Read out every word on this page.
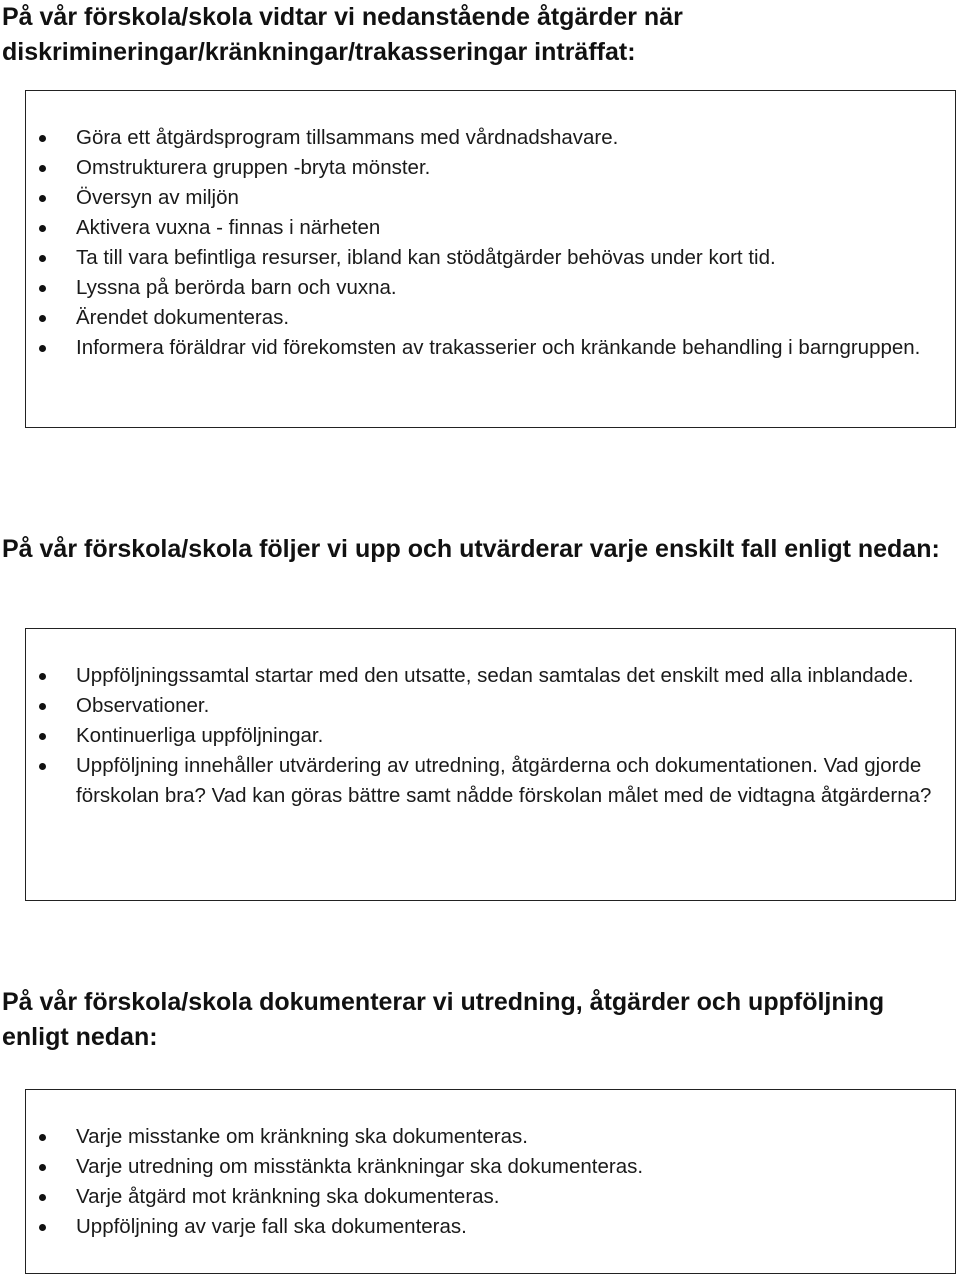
På vår förskola/skola vidtar vi nedanstående åtgärder när diskrimineringar/kränkningar/trakasseringar inträffat:
Göra ett åtgärdsprogram tillsammans med vårdnadshavare.
Omstrukturera gruppen -bryta mönster.
Översyn av miljön
Aktivera vuxna - finnas i närheten
Ta till vara befintliga resurser, ibland kan stödåtgärder behövas under kort tid.
Lyssna på berörda barn och vuxna.
Ärendet dokumenteras.
Informera föräldrar vid förekomsten av trakasserier och kränkande behandling i barngruppen.
På vår förskola/skola följer vi upp och utvärderar varje enskilt fall enligt nedan:
Uppföljningssamtal startar med den utsatte, sedan samtalas det enskilt med alla inblandade.
Observationer.
Kontinuerliga uppföljningar.
Uppföljning innehåller utvärdering av utredning, åtgärderna och dokumentationen. Vad gjorde förskolan bra? Vad kan göras bättre samt nådde förskolan målet med de vidtagna åtgärderna?
På vår förskola/skola dokumenterar vi utredning, åtgärder och uppföljning enligt nedan:
Varje misstanke om kränkning ska dokumenteras.
Varje utredning om misstänkta kränkningar ska dokumenteras.
Varje åtgärd mot kränkning ska dokumenteras.
Uppföljning av varje fall ska dokumenteras.
